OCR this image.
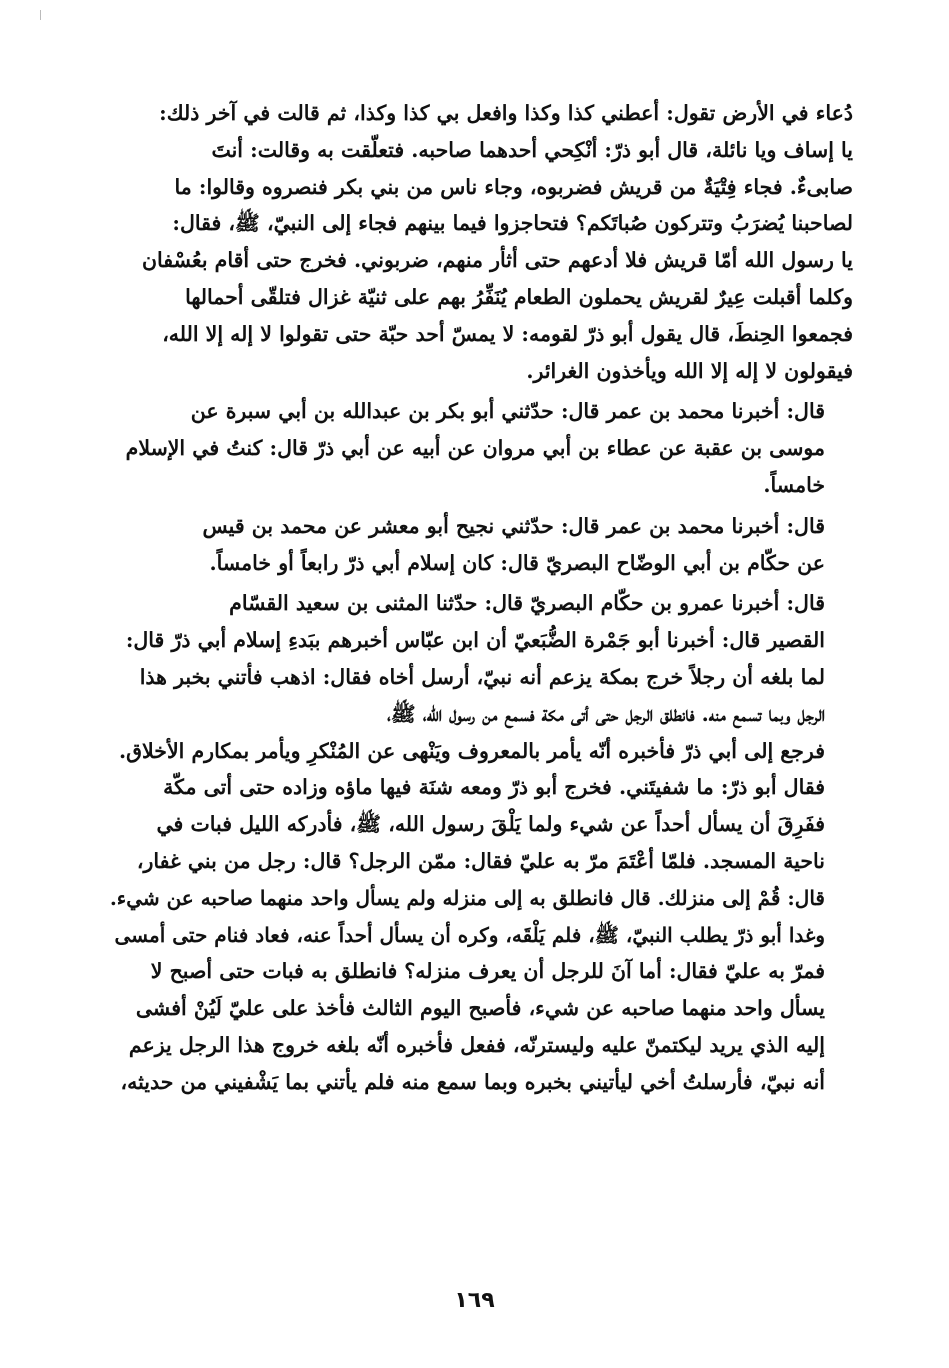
دُعاء في الأرض تقول: أعطني كذا وكذا وافعل بي كذا وكذا، ثم قالت في آخر ذلك:
يا إساف ويا نائلة، قال أبو ذرّ: أنْكِحي أحدهما صاحبه. فتعلّقت به وقالت: أنتَ
صابىءٌ. فجاء فِتْيَةٌ من قريش فضربوه، وجاء ناس من بني بكر فنصروه وقالوا: ما
لصاحبنا يُضرَبُ وتتركون صُباتَكم؟ فتحاجزوا فيما بينهم فجاء إلى النبيّ، ﷺ، فقال:
يا رسول الله أمّا قريش فلا أدعهم حتى أثأر منهم، ضربوني. فخرج حتى أقام بعُسْفان
وكلما أقبلت عِيرٌ لقريش يحملون الطعام يُنَفِّرُ بهم على ثنيّة غزال فتلقّى أحمالها
فجمعوا الحِنطَ، قال يقول أبو ذرّ لقومه: لا يمسّ أحد حبّة حتى تقولوا لا إله إلا الله،
فيقولون لا إله إلا الله ويأخذون الغرائر.

قال: أخبرنا محمد بن عمر قال: حدّثني أبو بكر بن عبدالله بن أبي سبرة عن
موسى بن عقبة عن عطاء بن أبي مروان عن أبيه عن أبي ذرّ قال: كنتُ في الإسلام
خامساً.

قال: أخبرنا محمد بن عمر قال: حدّثني نجيح أبو معشر عن محمد بن قيس
عن حكّام بن أبي الوضّاح البصريّ قال: كان إسلام أبي ذرّ رابعاً أو خامساً.

قال: أخبرنا عمرو بن حكّام البصريّ قال: حدّثنا المثنى بن سعيد القسّام
القصير قال: أخبرنا أبو جَمْرة الضُّبَعيّ أن ابن عبّاس أخبرهم ببَدءِ إسلام أبي ذرّ قال:
لما بلغه أن رجلاً خرج بمكة يزعم أنه نبيّ، أرسل أخاه فقال: اذهب فأتني بخبر هذا
الرجل وبما تسمع منه. فانطلق الرجل حتى أتى مكة فسمع من رسول الله، ﷺ،
فرجع إلى أبي ذرّ فأخبره أنّه يأمر بالمعروف ويَنْهى عن المُنْكرِ ويأمر بمكارم الأخلاق.
فقال أبو ذرّ: ما شفيتَني. فخرج أبو ذرّ ومعه شنَة فيها ماؤه وزاده حتى أتى مكّة
ففَرِقَ أن يسأل أحداً عن شيء ولما يَلْقَ رسول الله، ﷺ، فأدركه الليل فبات في
ناحية المسجد. فلمّا أعْتَمَ مرّ به عليّ فقال: ممّن الرجل؟ قال: رجل من بني غفار،
قال: قُمْ إلى منزلك. قال فانطلق به إلى منزله ولم يسأل واحد منهما صاحبه عن شيء.
وغدا أبو ذرّ يطلب النبيّ، ﷺ، فلم يَلْقَه، وكره أن يسأل أحداً عنه، فعاد فنام حتى أمسى
فمرّ به عليّ فقال: أما آنَ للرجل أن يعرف منزله؟ فانطلق به فبات حتى أصبح لا
يسأل واحد منهما صاحبه عن شيء، فأصبح اليوم الثالث فأخذ على عليّ لَيُنْ أفشى
إليه الذي يريد ليكتمنّ عليه وليسترنّه، ففعل فأخبره أنّه بلغه خروج هذا الرجل يزعم
أنه نبيّ، فأرسلتُ أخي ليأتيني بخبره وبما سمع منه فلم يأتني بما يَشْفيني من حديثه،

١٦٩
